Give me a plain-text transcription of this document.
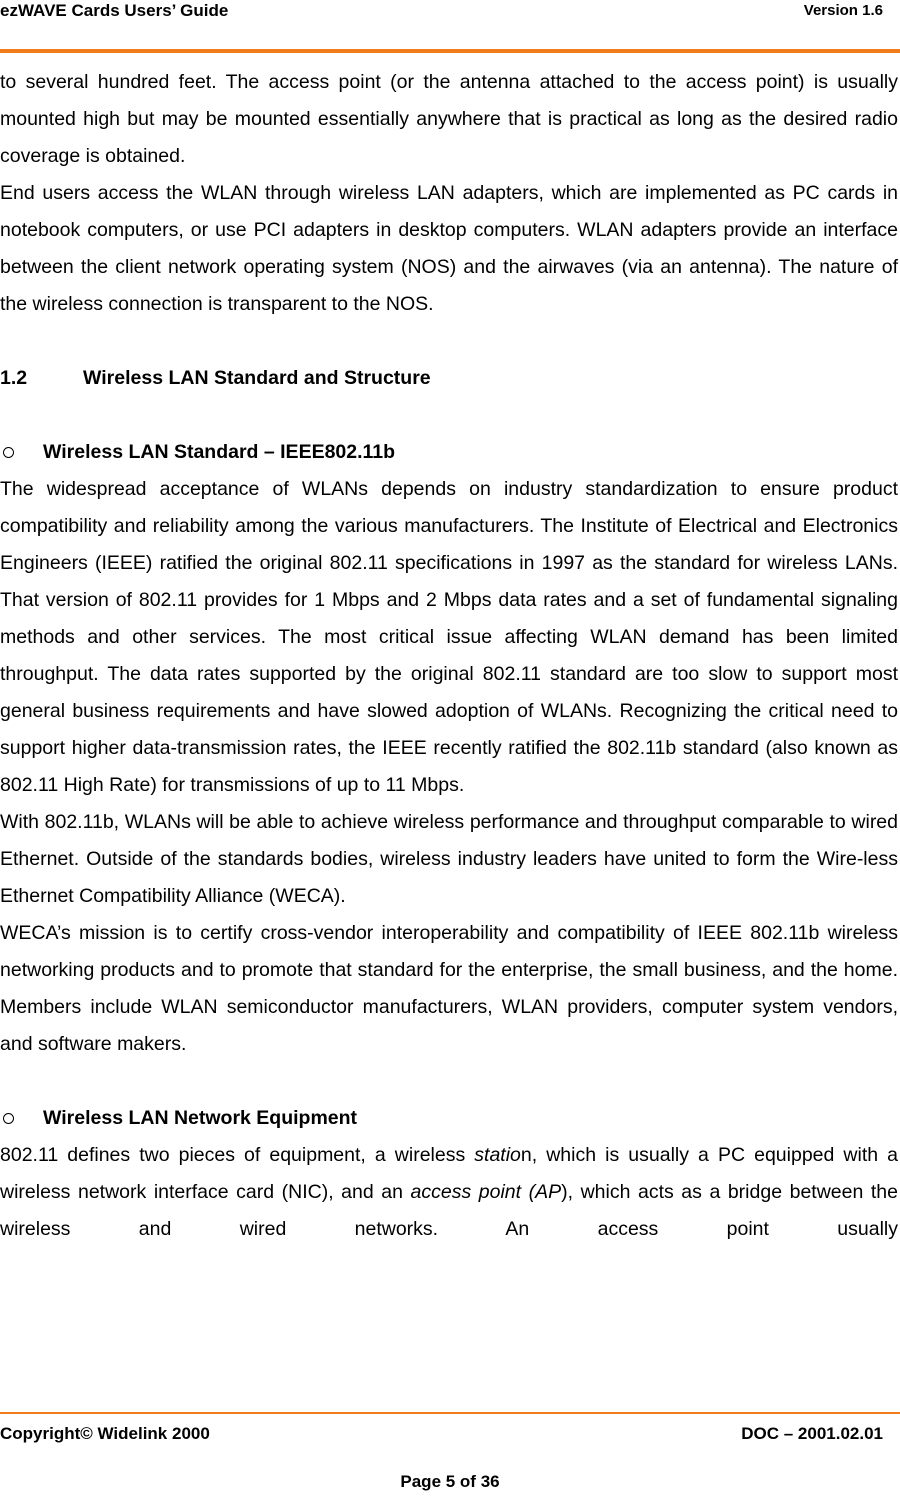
ezWAVE Cards Users’ Guide	Version 1.6

to several hundred feet. The access point (or the antenna attached to the access point) is usually mounted high but may be mounted essentially anywhere that is practical as long as the desired radio coverage is obtained.

End users access the WLAN through wireless LAN adapters, which are implemented as PC cards in notebook computers, or use PCI adapters in desktop computers. WLAN adapters provide an interface between the client network operating system (NOS) and the airwaves (via an antenna). The nature of the wireless connection is transparent to the NOS.

1.2	Wireless LAN Standard and Structure

Wireless LAN Standard – IEEE802.11b

The widespread acceptance of WLANs depends on industry standardization to ensure product compatibility and reliability among the various manufacturers. The Institute of Electrical and Electronics Engineers (IEEE) ratified the original 802.11 specifications in 1997 as the standard for wireless LANs. That version of 802.11 provides for 1 Mbps and 2 Mbps data rates and a set of fundamental signaling methods and other services. The most critical issue affecting WLAN demand has been limited throughput. The data rates supported by the original 802.11 standard are too slow to support most general business requirements and have slowed adoption of WLANs. Recognizing the critical need to support higher data-transmission rates, the IEEE recently ratified the 802.11b standard (also known as 802.11 High Rate) for transmissions of up to 11 Mbps.

With 802.11b, WLANs will be able to achieve wireless performance and throughput comparable to wired Ethernet. Outside of the standards bodies, wireless industry leaders have united to form the Wire-less Ethernet Compatibility Alliance (WECA).

WECA’s mission is to certify cross-vendor interoperability and compatibility of IEEE 802.11b wireless networking products and to promote that standard for the enterprise, the small business, and the home. Members include WLAN semiconductor manufacturers, WLAN providers, computer system vendors, and software makers.

Wireless LAN Network Equipment

802.11 defines two pieces of equipment, a wireless station, which is usually a PC equipped with a wireless network interface card (NIC), and an access point (AP), which acts as a bridge between the wireless and wired networks. An access point usually

Copyright© Widelink 2000	DOC – 2001.02.01
Page 5 of 36
